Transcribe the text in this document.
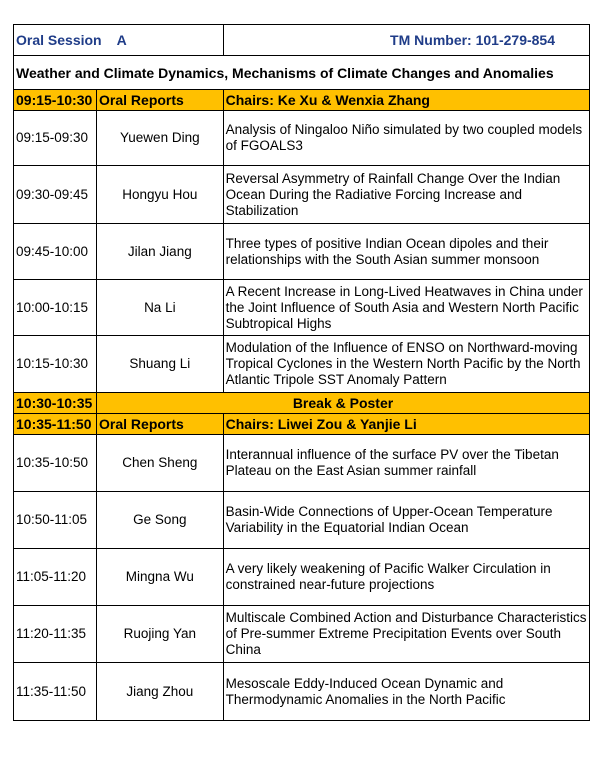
Oral Session    A		TM Number: 101-279-854
Weather and Climate Dynamics, Mechanisms of Climate Changes and Anomalies		
09:15-10:30	Oral Reports	Chairs: Ke Xu & Wenxia Zhang
09:15-09:30	Yuewen Ding	Analysis of Ningaloo Niño simulated by two coupled models of FGOALS3
09:30-09:45	Hongyu Hou	Reversal Asymmetry of Rainfall Change Over the Indian Ocean During the Radiative Forcing Increase and Stabilization
09:45-10:00	Jilan Jiang	Three types of positive Indian Ocean dipoles and their relationships with the South Asian summer monsoon
10:00-10:15	Na Li	A Recent Increase in Long-Lived Heatwaves in China under the Joint Influence of South Asia and Western North Pacific Subtropical Highs
10:15-10:30	Shuang Li	Modulation of the Influence of ENSO on Northward-moving Tropical Cyclones in the Western North Pacific by the North Atlantic Tripole SST Anomaly Pattern
10:30-10:35	Break & Poster	
10:35-11:50	Oral Reports	Chairs: Liwei Zou & Yanjie Li
10:35-10:50	Chen Sheng	Interannual influence of the surface PV over the Tibetan Plateau on the East Asian summer rainfall
10:50-11:05	Ge Song	Basin-Wide Connections of Upper-Ocean Temperature Variability in the Equatorial Indian Ocean
11:05-11:20	Mingna Wu	A very likely weakening of Pacific Walker Circulation in constrained near-future projections
11:20-11:35	Ruojing Yan	Multiscale Combined Action and Disturbance Characteristics of Pre-summer Extreme Precipitation Events over South China
11:35-11:50	Jiang Zhou	Mesoscale Eddy-Induced Ocean Dynamic and Thermodynamic Anomalies in the North Pacific
